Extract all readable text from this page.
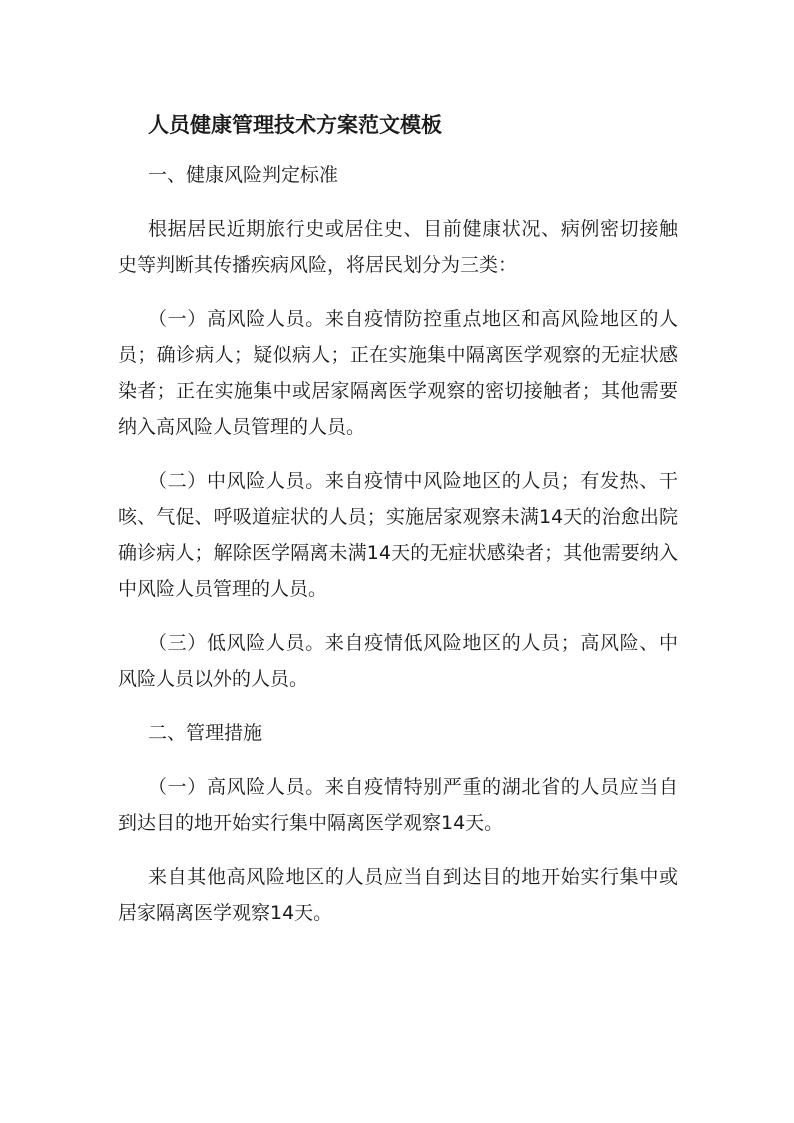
人员健康管理技术方案范文模板
一、健康风险判定标准
根据居民近期旅行史或居住史、目前健康状况、病例密切接触史等判断其传播疾病风险，将居民划分为三类：
（一）高风险人员。来自疫情防控重点地区和高风险地区的人员；确诊病人；疑似病人；正在实施集中隔离医学观察的无症状感染者；正在实施集中或居家隔离医学观察的密切接触者；其他需要纳入高风险人员管理的人员。
（二）中风险人员。来自疫情中风险地区的人员；有发热、干咳、气促、呼吸道症状的人员；实施居家观察未满14天的治愈出院确诊病人；解除医学隔离未满14天的无症状感染者；其他需要纳入中风险人员管理的人员。
（三）低风险人员。来自疫情低风险地区的人员；高风险、中风险人员以外的人员。
二、管理措施
（一）高风险人员。来自疫情特别严重的湖北省的人员应当自到达目的地开始实行集中隔离医学观察14天。
来自其他高风险地区的人员应当自到达目的地开始实行集中或居家隔离医学观察14天。
